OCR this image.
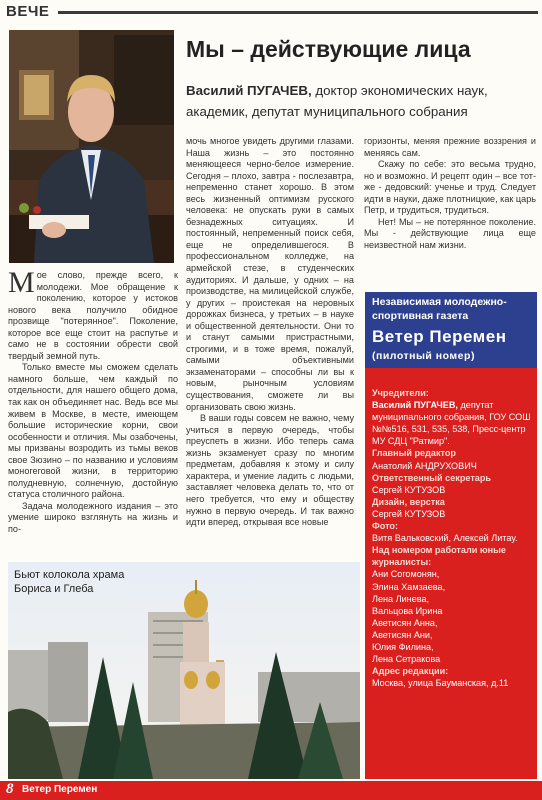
ВЕЧЕ
Мы – действующие лица
Василий ПУГАЧЕВ, доктор экономических наук,
академик, депутат муниципального собрания

Мое слово, прежде всего, к молодежи. Мое обращение к поколению, которое у истоков нового века получило обидное прозвище "потерянное". Поколение, которое все еще стоит на распутье и само не в состоянии обрести свой твердый земной путь.

Только вместе мы сможем сделать намного больше, чем каждый по отдельности, для нашего общего дома, так как он объединяет нас. Ведь все мы живем в Москве, в месте, имеющем большие исторические корни, свои особенности и отличия. Мы озабочены, мы призваны возродить из тьмы веков свое Зюзино – по названию и условиям моногеговой жизни, в территорию полудневную, солнечную, достойную статуса столичного района.

Задача молодежного издания – это умение широко взглянуть на жизнь и по-

мочь многое увидеть другими глазами. Наша жизнь – это постоянно меняющееся черно-белое измерение. Сегодня – плохо, завтра - послезавтра, непременно станет хорошо. В этом весь жизненный оптимизм русского человека: не опускать руки в самых безнадежных ситуациях. И постоянный, непременный поиск себя, еще не определившегося. В профессиональном колледже, на армейской стезе, в студенческих аудиториях. И дальше, у одних – на производстве, на милицейской службе, у других – проистекая на неровных дорожках бизнеса, у третьих – в науке и общественной деятельности. Они то и станут самыми пристрастными, строгими, и в тоже время, пожалуй, самыми объективными экзаменаторами – способны ли вы к новым, рыночным условиям существования, сможете ли вы организовать свою жизнь.

В ваши годы совсем не важно, чему учиться в первую очередь, чтобы преуспеть в жизни. Ибо теперь сама жизнь экзаменует сразу по многим предметам, добавляя к этому и силу характера, и умение ладить с людьми, заставляет человека делать то, что от него требуется, что ему и обществу нужно в первую очередь. И так важно идти вперед, открывая все новые

горизонты, меняя прежние воззрения и меняясь сам.

Скажу по себе: это весьма трудно, но и возможно. И рецепт один – все тот-же - дедовский: ученье и труд. Следует идти в науки, даже плотницкие, как царь Петр, и трудиться, трудиться.

Нет! Мы – не потерянное поколение. Мы - действующие лица еще неизвестной нам жизни.

Независимая молодежно-спортивная газета
Ветер Перемен
(пилотный номер)
Учредители:
Василий ПУГАЧЕВ, депутат муниципального собрания, ГОУ СОШ №№516, 531, 535, 538, Пресс-центр МУ СДЦ "Ратмир".
Главный редактор
Анатолий АНДРУХОВИЧ
Ответственный секретарь
Сергей КУТУЗОВ
Дизайн, верстка
Сергей КУТУЗОВ
Фото:
Витя Вальковский, Алексей Литау.
Над номером работали юные журналисты:
Ани Согомонян,
Элина Хамзаева,
Лена Линева,
Вальцова Ирина
Аветисян Анна,
Аветисян Ани,
Юлия Филина,
Лена Сетракова
Адрес редакции:
Москва, улица Бауманская, д.11
Бьют колокола храма
Бориса и Глеба
8 Ветер Перемен
